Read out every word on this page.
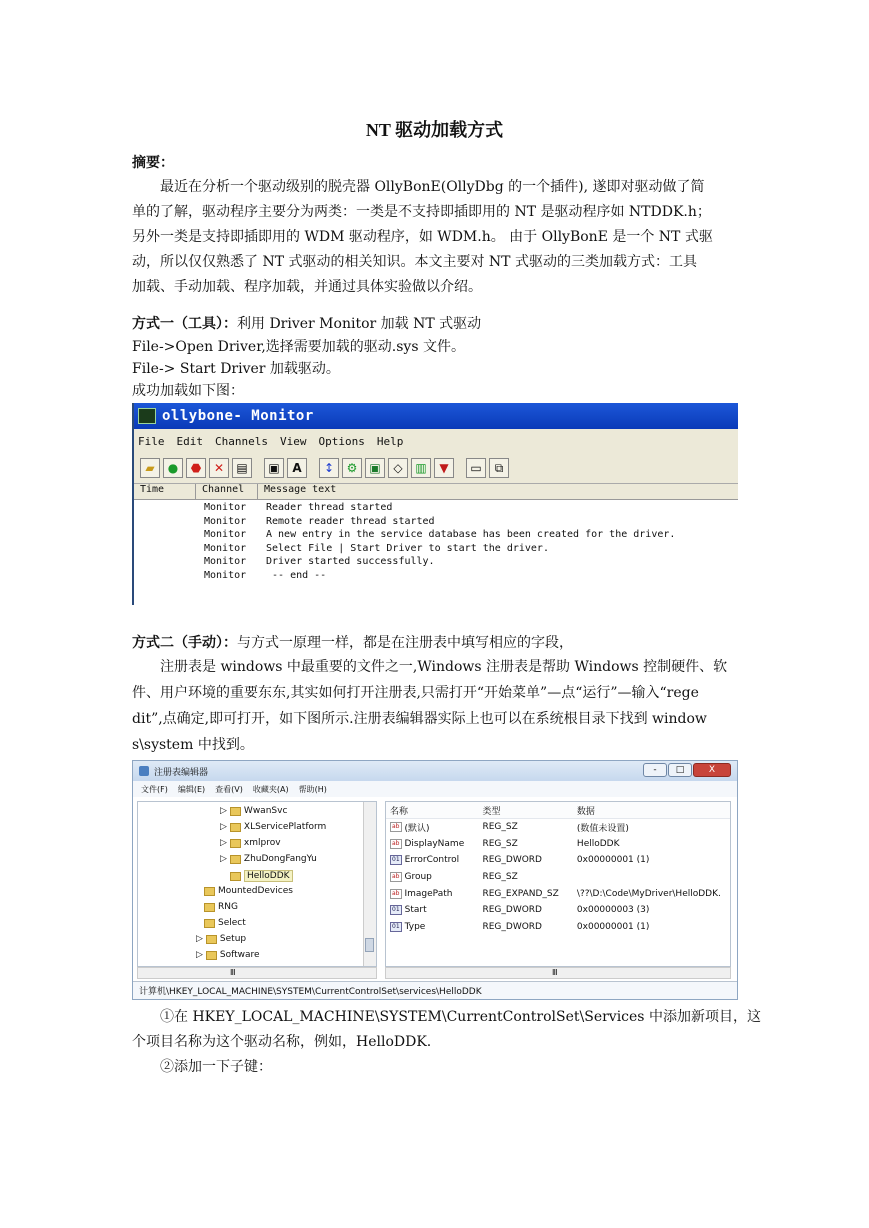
NT 驱动加载方式
摘要：
最近在分析一个驱动级别的脱壳器 OllyBonE(OllyDbg 的一个插件), 遂即对驱动做了简
单的了解，驱动程序主要分为两类：一类是不支持即插即用的 NT 是驱动程序如 NTDDK.h；
另外一类是支持即插即用的 WDM 驱动程序，如 WDM.h。 由于 OllyBonE 是一个 NT 式驱
动，所以仅仅熟悉了 NT 式驱动的相关知识。本文主要对 NT 式驱动的三类加载方式：工具
加载、手动加载、程序加载，并通过具体实验做以介绍。
方式一（工具）：利用 Driver Monitor 加载 NT 式驱动
File->Open Driver,选择需要加载的驱动.sys 文件。
File-> Start Driver 加载驱动。
成功加载如下图：
ollybone- Monitor
File Edit Channels View Options Help
▰	●	⬣	✕	▤	▣	A	↕	⚙ ▣	◇	▥	▼	▭	⧉
Time	Channel	Message text
Monitor	Reader thread started
Monitor	Remote reader thread started
Monitor	A new entry in the service database has been created for the driver.
Monitor	Select File | Start Driver to start the driver.
Monitor	Driver started successfully.
Monitor	-- end --
方式二（手动）：与方式一原理一样，都是在注册表中填写相应的字段，
注册表是 windows 中最重要的文件之一,Windows 注册表是帮助 Windows 控制硬件、软
件、用户环境的重要东东,其实如何打开注册表,只需打开“开始菜单”—点“运行”—输入“rege
dit”,点确定,即可打开，如下图所示.注册表编辑器实际上也可以在系统根目录下找到 window
s\system 中找到。
注册表编辑器	-	□	X
文件(F) 编辑(E) 查看(V) 收藏夹(A) 帮助(H)
▷ WwanSvc
▷ XLServicePlatform
▷ xmlprov
▷ ZhuDongFangYu
HelloDDK
MountedDevices
RNG
Select
▷ Setup
▷ Software
Ⅲ
名称	类型	数据
ab (默认)	REG_SZ	(数值未设置)
ab DisplayName REG_SZ	HelloDDK
01 ErrorControl	REG_DWORD	0x00000001 (1)
ab Group	REG_SZ
ab ImagePath	REG_EXPAND_SZ	\??\D:\Code\MyDriver\HelloDDK.
01 Start	REG_DWORD	0x00000003 (3)
01 Type	REG_DWORD	0x00000001 (1)
Ⅲ
计算机\HKEY_LOCAL_MACHINE\SYSTEM\CurrentControlSet\services\HelloDDK
①在 HKEY_LOCAL_MACHINE\SYSTEM\CurrentControlSet\Services 中添加新项目，这
个项目名称为这个驱动名称，例如，HelloDDK.
②添加一下子键：
